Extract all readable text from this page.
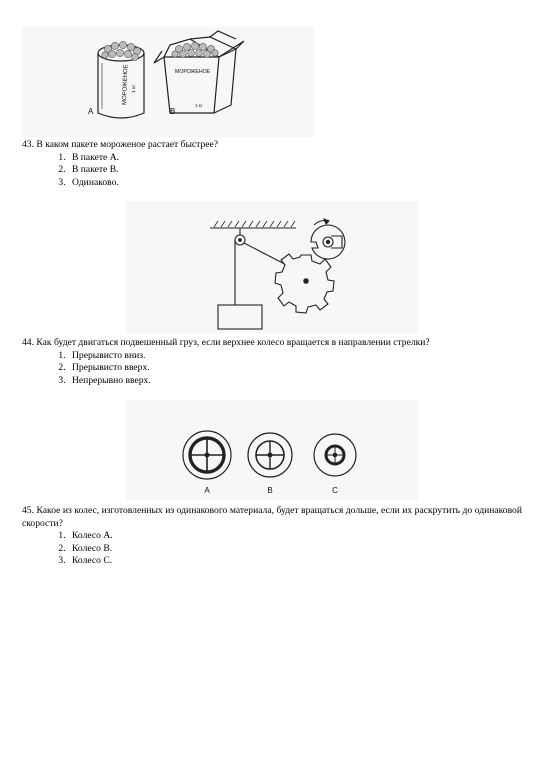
МОРОЖЕНОЕ 1 кг
A
МОРОЖЕНОЕ
1 кг
B

43. В каком пакете мороженое растает быстрее?

1. В пакете А.
2. В пакете В.
3. Одинаково.

44. Как будет двигаться подвешенный груз, если верхнее колесо вращается в направлении стрелки?

1. Прерывисто вниз.
2. Прерывисто вверх.
3. Непрерывно вверх.
A	B	C

45. Какое из колес, изготовленных из одинакового материала, будет вращаться дольше, если их раскрутить до одинаковой скорости?

1. Колесо А.
2. Колесо В.
3. Колесо С.
